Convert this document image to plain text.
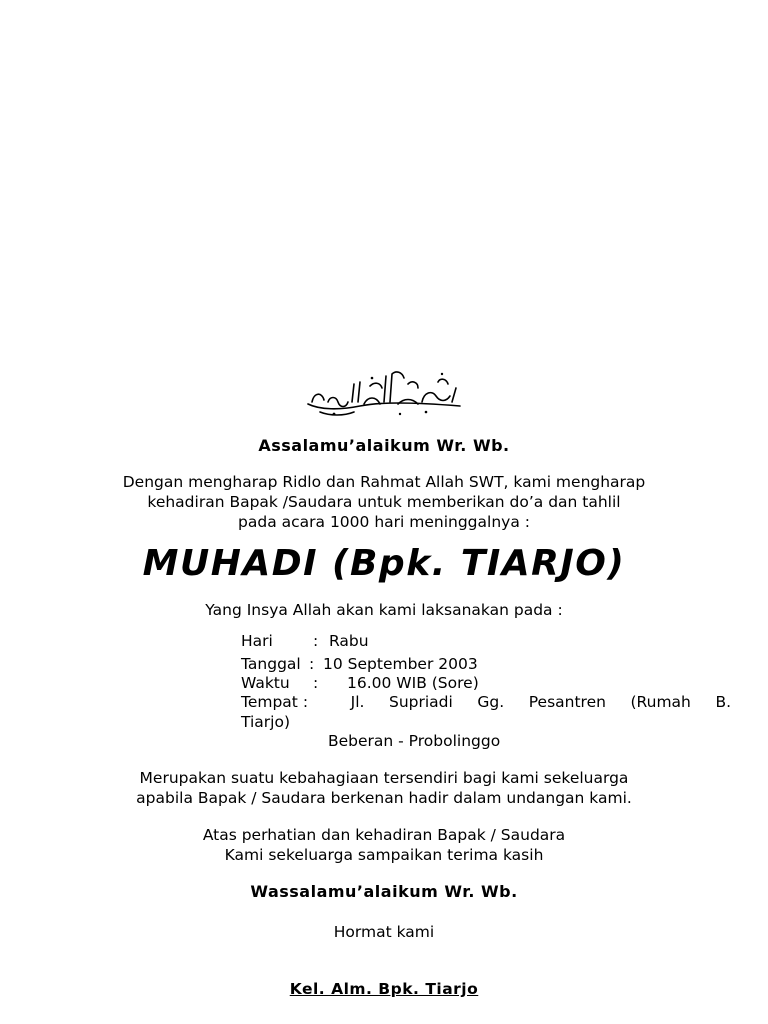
Assalamu’alaikum Wr. Wb.
Dengan mengharap Ridlo dan Rahmat Allah SWT, kami mengharap
kehadiran Bapak /Saudara untuk memberikan do’a dan tahlil
pada acara 1000 hari meninggalnya :
MUHADI (Bpk. TIARJO)
Yang Insya Allah akan kami laksanakan pada :
Hari	: Rabu
Tanggal : 10 September 2003
Waktu : 16.00 WIB (Sore)
Tempat :	Jl. Supriadi Gg. Pesantren (Rumah B.
Tiarjo)
Beberan - Probolinggo
Merupakan suatu kebahagiaan tersendiri bagi kami sekeluarga
apabila Bapak / Saudara berkenan hadir dalam undangan kami.
Atas perhatian dan kehadiran Bapak / Saudara
Kami sekeluarga sampaikan terima kasih
Wassalamu’alaikum Wr. Wb.
Hormat kami
Kel. Alm. Bpk. Tiarjo
